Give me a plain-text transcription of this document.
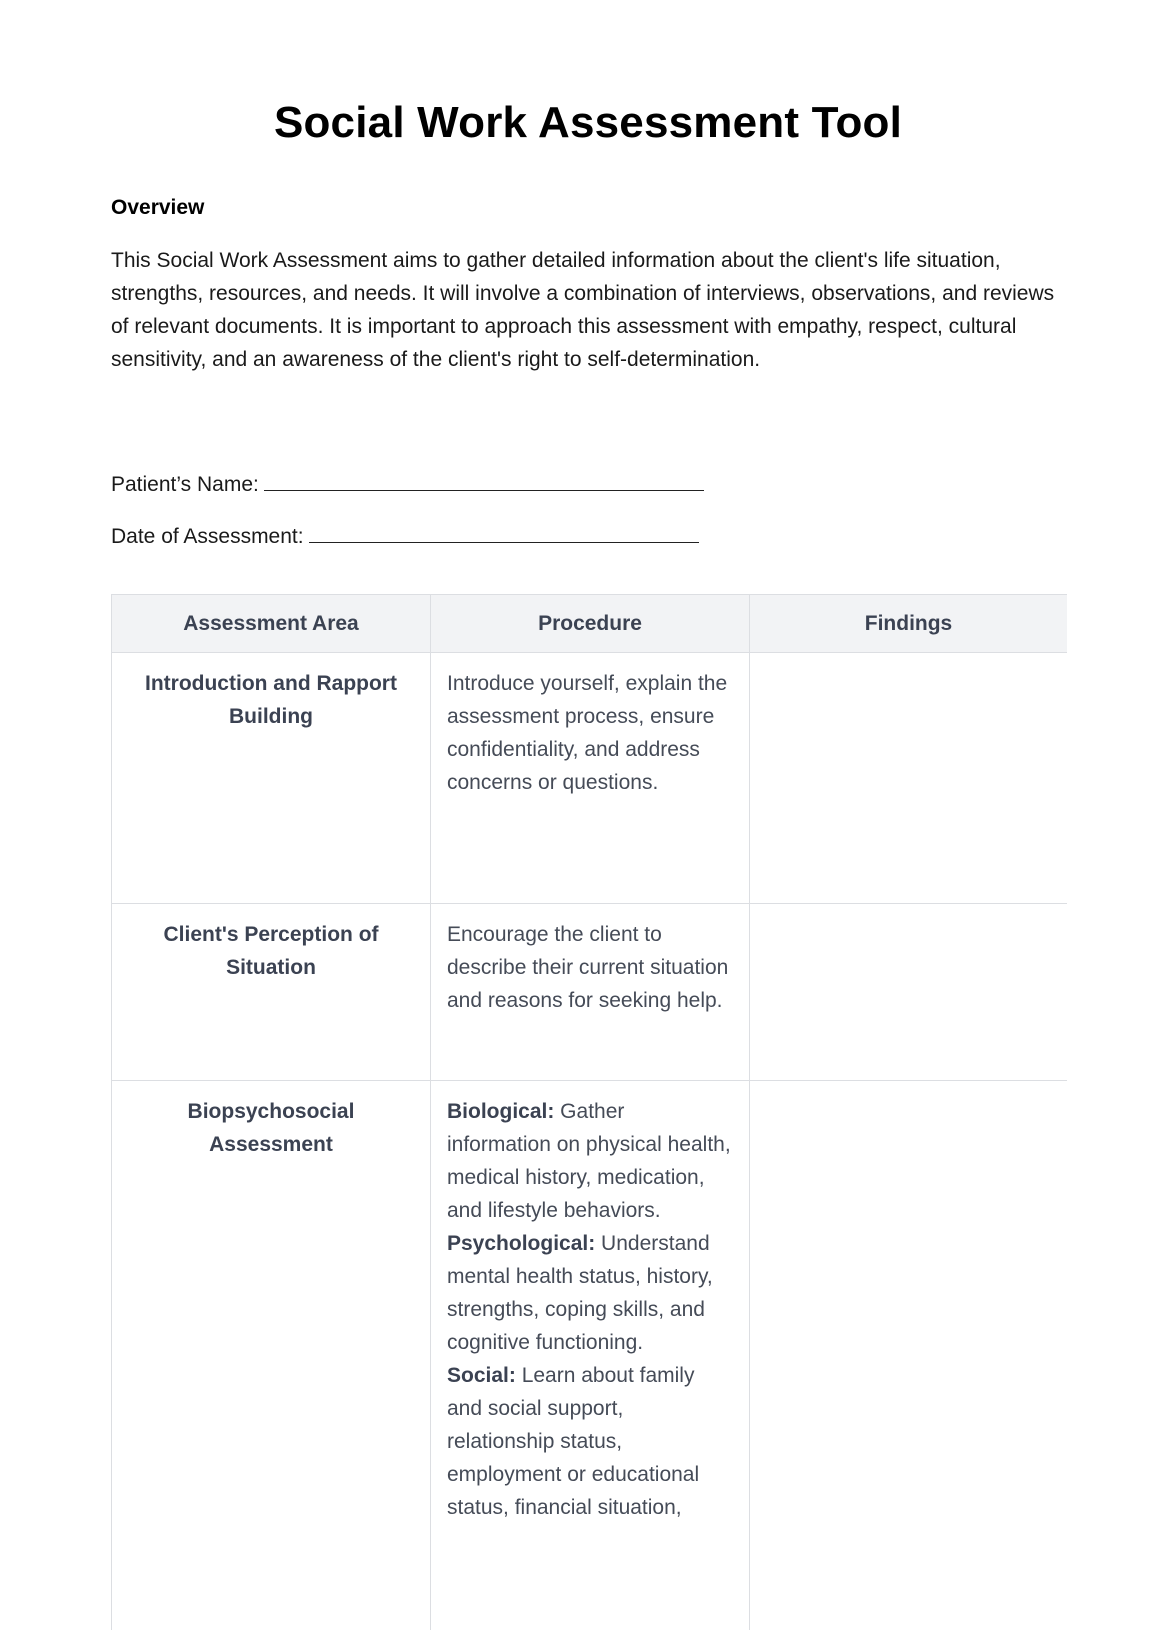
Social Work Assessment Tool
Overview
This Social Work Assessment aims to gather detailed information about the client's life situation, strengths, resources, and needs. It will involve a combination of interviews, observations, and reviews of relevant documents. It is important to approach this assessment with empathy, respect, cultural sensitivity, and an awareness of the client's right to self-determination.
Patient’s Name:
Date of Assessment:
Assessment Area	Procedure	Findings
Introduction and Rapport Building	Introduce yourself, explain the assessment process, ensure confidentiality, and address concerns or questions.	
Client's Perception of Situation	Encourage the client to describe their current situation and reasons for seeking help.	
Biopsychosocial Assessment	Biological: Gather information on physical health, medical history, medication, and lifestyle behaviors.
Psychological: Understand mental health status, history, strengths, coping skills, and cognitive functioning.
Social: Learn about family and social support, relationship status, employment or educational status, financial situation,	
